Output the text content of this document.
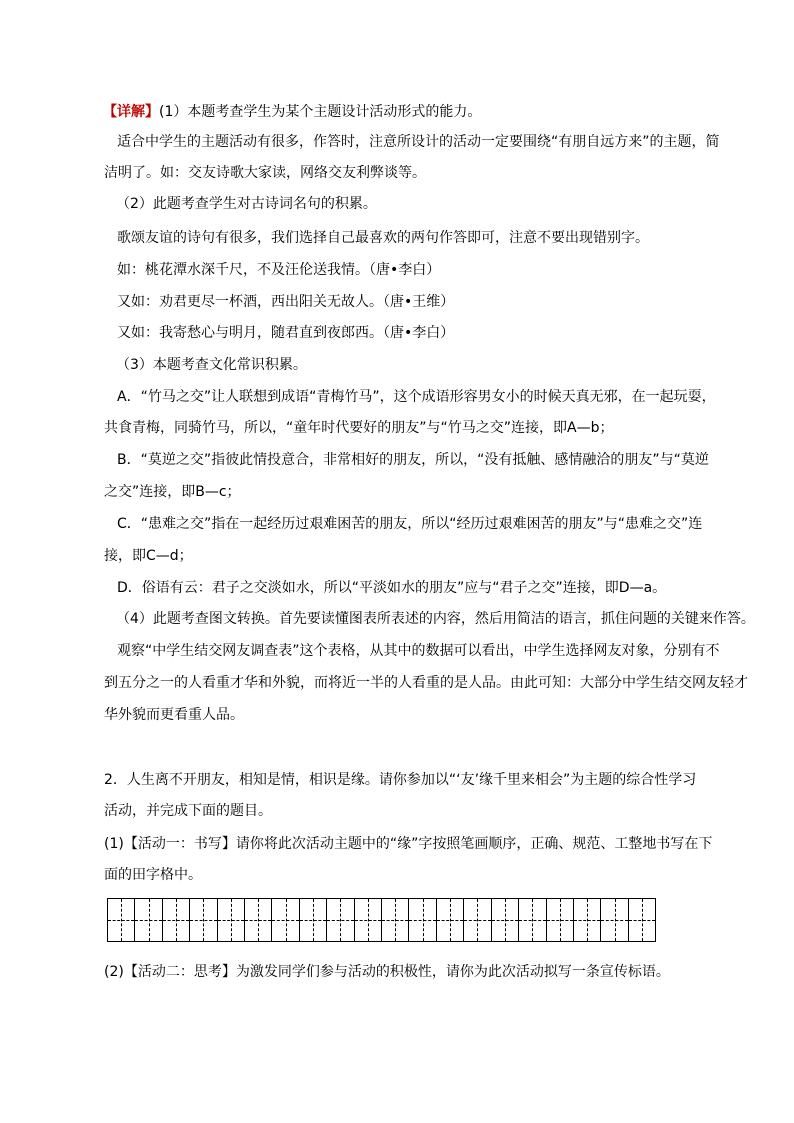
【详解】(1）本题考查学生为某个主题设计活动形式的能力。
适合中学生的主题活动有很多，作答时，注意所设计的活动一定要围绕“有朋自远方来”的主题，简
洁明了。如：交友诗歌大家读，网络交友利弊谈等。
（2）此题考查学生对古诗词名句的积累。
歌颂友谊的诗句有很多，我们选择自己最喜欢的两句作答即可，注意不要出现错别字。
如：桃花潭水深千尺，不及汪伦送我情。（唐•李白）
又如：劝君更尽一杯酒，西出阳关无故人。（唐•王维）
又如：我寄愁心与明月，随君直到夜郎西。（唐•李白）
（3）本题考查文化常识积累。
A．“竹马之交”让人联想到成语“青梅竹马”，这个成语形容男女小的时候天真无邪，在一起玩耍，
共食青梅，同骑竹马，所以，“童年时代要好的朋友”与“竹马之交”连接，即A—b；
B．“莫逆之交”指彼此情投意合，非常相好的朋友，所以，“没有抵触、感情融洽的朋友”与“莫逆
之交”连接，即B—c；
C．“患难之交”指在一起经历过艰难困苦的朋友，所以“经历过艰难困苦的朋友”与“患难之交”连
接，即C—d；
D．俗语有云：君子之交淡如水，所以“平淡如水的朋友”应与“君子之交”连接，即D—a。
（4）此题考查图文转换。首先要读懂图表所表述的内容，然后用简洁的语言，抓住问题的关键来作答。
观察“中学生结交网友调查表”这个表格，从其中的数据可以看出，中学生选择网友对象，分别有不
到五分之一的人看重才华和外貌，而将近一半的人看重的是人品。由此可知：大部分中学生结交网友轻才
华外貌而更看重人品。
2．人生离不开朋友，相知是情，相识是缘。请你参加以“‘友’缘千里来相会”为主题的综合性学习
活动，并完成下面的题目。
(1)【活动一：书写】请你将此次活动主题中的“缘”字按照笔画顺序，正确、规范、工整地书写在下
面的田字格中。
(2)【活动二：思考】为激发同学们参与活动的积极性，请你为此次活动拟写一条宣传标语。
